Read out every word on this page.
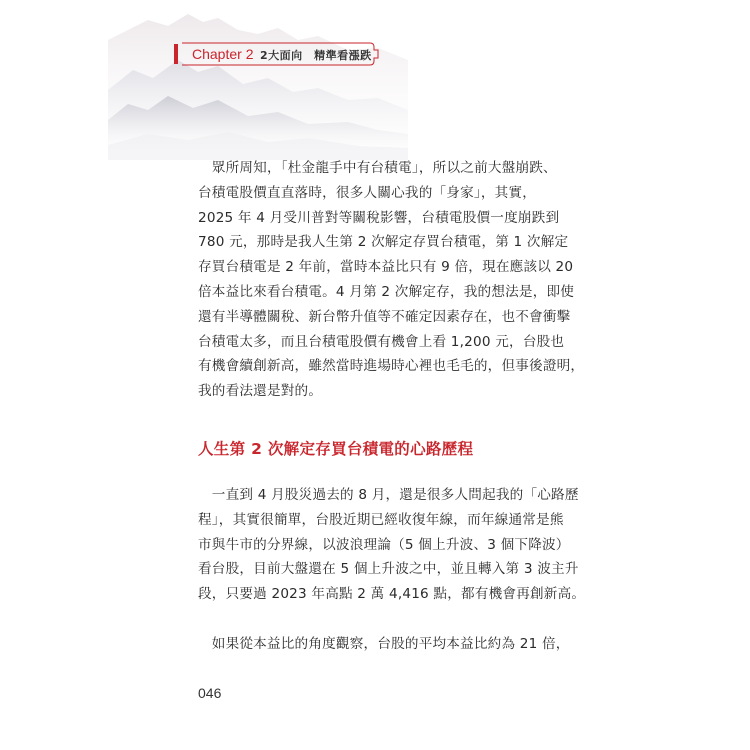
Chapter 2 2大面向　精準看漲跌
　眾所周知，「杜金龍手中有台積電」，所以之前大盤崩跌、
台積電股價直直落時，很多人關心我的「身家」，其實，
2025 年 4 月受川普對等關稅影響，台積電股價一度崩跌到
780 元，那時是我人生第 2 次解定存買台積電，第 1 次解定
存買台積電是 2 年前，當時本益比只有 9 倍，現在應該以 20
倍本益比來看台積電。4 月第 2 次解定存，我的想法是，即使
還有半導體關稅、新台幣升值等不確定因素存在，也不會衝擊
台積電太多，而且台積電股價有機會上看 1,200 元，台股也
有機會續創新高，雖然當時進場時心裡也毛毛的，但事後證明，
我的看法還是對的。
人生第 2 次解定存買台積電的心路歷程
　一直到 4 月股災過去的 8 月，還是很多人問起我的「心路歷
程」，其實很簡單，台股近期已經收復年線，而年線通常是熊
市與牛市的分界線，以波浪理論（5 個上升波、3 個下降波）
看台股，目前大盤還在 5 個上升波之中，並且轉入第 3 波主升
段，只要過 2023 年高點 2 萬 4,416 點，都有機會再創新高。
　如果從本益比的角度觀察，台股的平均本益比約為 21 倍，
046
